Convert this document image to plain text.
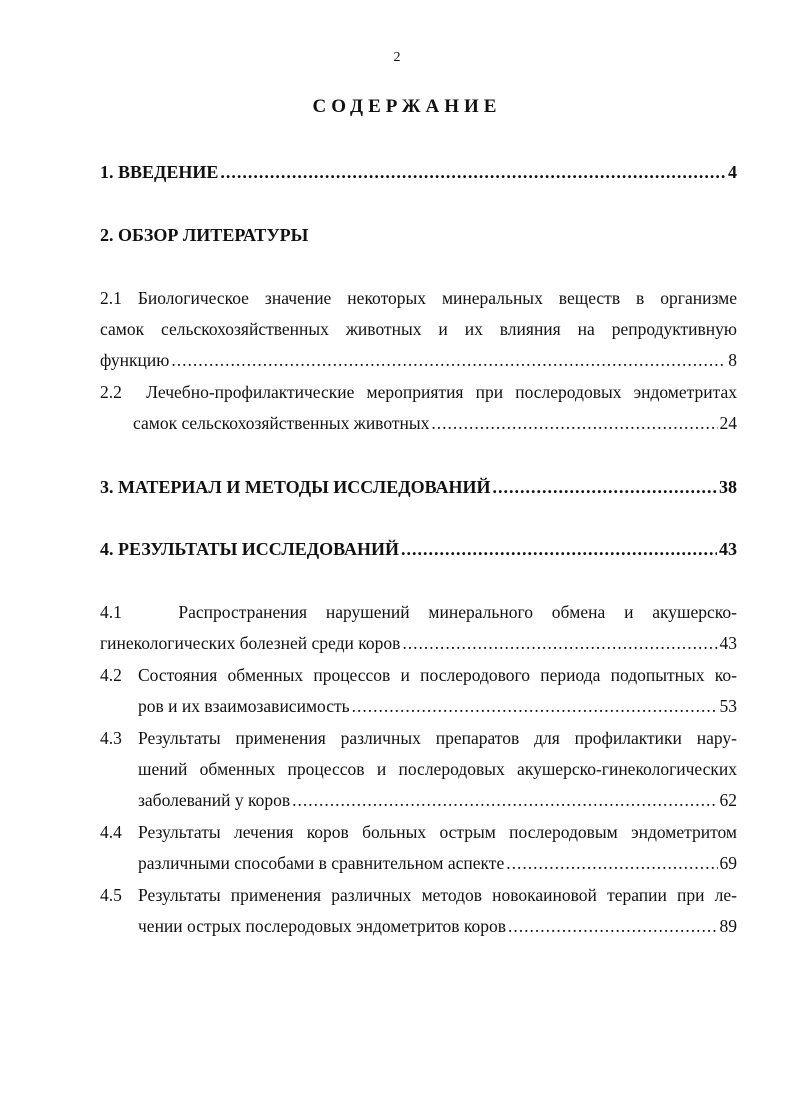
2
СОДЕРЖАНИЕ
1. ВВЕДЕНИЕ .....	4
2. ОБЗОР ЛИТЕРАТУРЫ
2.1 Биологическое значение некоторых минеральных веществ в организме
самок сельскохозяйственных животных и их влияния на репродуктивную
функцию .....	8
2.2 Лечебно-профилактические мероприятия при послеродовых эндометритах
самок сельскохозяйственных животных .....	24
3. МАТЕРИАЛ И МЕТОДЫ ИССЛЕДОВАНИЙ .....	38
4. РЕЗУЛЬТАТЫ ИССЛЕДОВАНИЙ .....	43
4.1	Распространения нарушений минерального обмена и акушерско-
гинекологических болезней среди коров .....	43
4.2 Состояния обменных процессов и послеродового периода подопытных ко-
ров и их взаимозависимость .....	53
4.3 Результаты применения различных препаратов для профилактики нару-
шений обменных процессов и послеродовых акушерско-гинекологических
заболеваний у коров .....	62
4.4 Результаты лечения коров больных острым послеродовым эндометритом
различными способами в сравнительном аспекте .....	69
4.5 Результаты применения различных методов новокаиновой терапии при ле-
чении острых послеродовых эндометритов коров .....	89
